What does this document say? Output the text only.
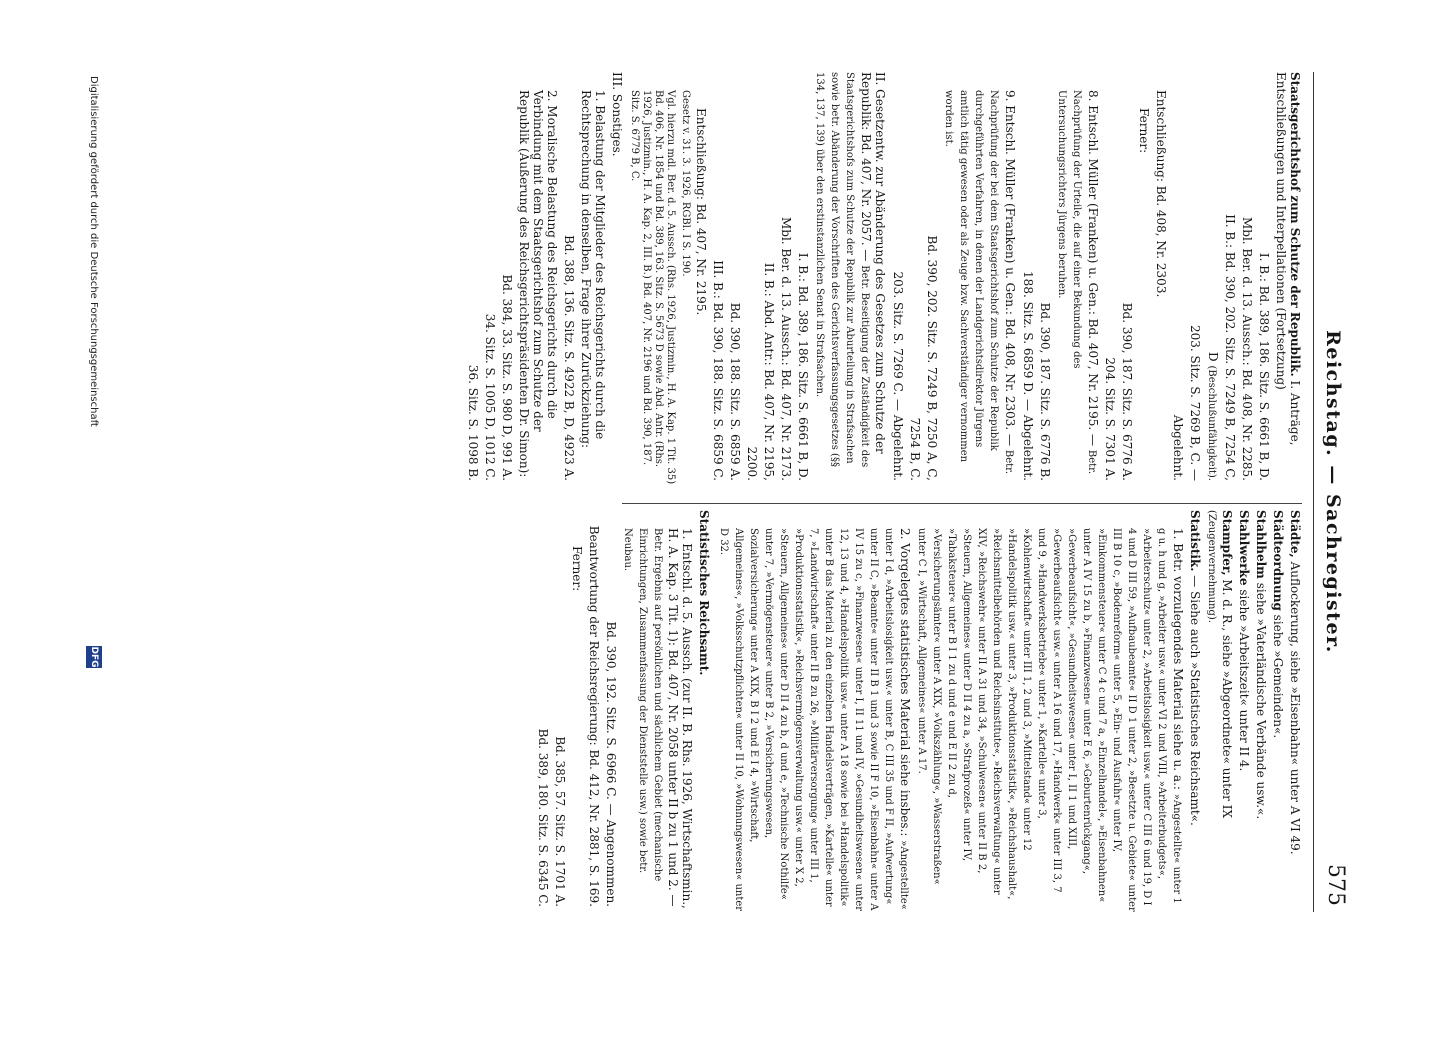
Reichstag. — Sachregister.
575

Staatsgerichtshof zum Schutze der Republik. I. Anträge, Entschließungen und Interpellationen (Fortsetzung)

I. B.: Bd. 389, 186. Sitz. S. 6661 B, D.

Mbl. Ber. d. 13. Aussch.: Bd. 408, Nr. 2285.

II. B.: Bd. 390, 202. Sitz. S. 7249 B, 7254 C,

D (Beschlußunfähigkeit).

203. Sitz. S. 7269 B, C. —

Abgelehnt.

Entschließung: Bd. 408, Nr. 2303.

Ferner:

Bd. 390, 187. Sitz. S. 6776 A.

204. Sitz. S. 7301 A.

8. Entschl. Müller (Franken) u. Gen.: Bd. 407, Nr. 2195. — Betr. Nachprüfung der Urteile, die auf einer Bekundung des Untersuchungsrichters Jürgens beruhen.

Bd. 390, 187. Sitz. S. 6776 B.

188. Sitz. S. 6859 D. — Abgelehnt.

9. Entschl. Müller (Franken) u. Gen.: Bd. 408, Nr. 2303. — Betr. Nachprüfung der bei dem Staatsgerichtshof zum Schutze der Republik durchgeführten Verfahren, in denen der Landgerichtsdirektor Jürgens amtlich tätig gewesen oder als Zeuge bzw. Sachverständiger vernommen worden ist.

Bd. 390, 202. Sitz. S. 7249 B, 7250 A, C,

7254 B, C.

203. Sitz. S. 7269 C. — Abgelehnt.

II. Gesetzentw. zur Abänderung des Gesetzes zum Schutze der Republik: Bd. 407, Nr. 2057. — Betr. Beseitigung der Zuständigkeit des Staatsgerichtshofs zum Schutze der Republik zur Aburteilung in Strafsachen sowie betr. Abänderung der Vorschriften des Gerichtsverfassungsgesetzes (§§ 134, 137, 139) über den erstinstanzlichen Senat in Strafsachen.

I. B.: Bd. 389, 186. Sitz. S. 6661 B, D.

Mbl. Ber. d. 13. Aussch.: Bd. 407, Nr. 2173.

II. B.: Abd. Antr.: Bd. 407, Nr. 2195,

2200.

Bd. 390, 188. Sitz. S. 6859 A.

III. B.: Bd. 390, 188. Sitz. S. 6859 C.

Entschließung: Bd. 407, Nr. 2195.

Gesetz v. 31. 3. 1926, RGBl. I S. 190.

Vgl. hierzu mdl. Ber. d. 5. Aussch. (Rhs. 1926, Justizmin., H. A. Kap. 1 Tit. 35) Bd. 406, Nr. 1854 und Bd. 389, 163. Sitz. S. 5673 D sowie Abd. Antr. (Rhs. 1926, Justizmin., H. A. Kap. 2, III. B.) Bd. 407, Nr. 2196 und Bd. 390, 187. Sitz. S. 6779 B, C.

III. Sonstiges.

1. Belastung der Mitglieder des Reichsgerichts durch die Rechtsprechung in denselben, Frage ihrer Zurückziehung:

Bd. 388, 136. Sitz. S. 4922 B, D, 4923 A.

2. Moralische Belastung des Reichsgerichts durch die Verbindung mit dem Staatsgerichtshof zum Schutze der Republik (Äußerung des Reichsgerichtspräsidenten Dr. Simon):

Bd. 384, 33. Sitz. S. 980 D, 991 A.

34. Sitz. S. 1005 D, 1012 C.

36. Sitz. S. 1098 B.

Städte, Auflockerung, siehe »Eisenbahn« unter A VI 49.

Städteordnung siehe »Gemeinden«.

Stahlhelm siehe »Vaterländische Verbände usw.«.

Stahlwerke siehe »Arbeitszeit« unter II 4.

Stampfer, M. d. R., siehe »Abgeordnete« unter IX (Zeugenvernehmung).

Statistik. — Siehe auch »Statistisches Reichsamt«.

1. Betr. vorzulegendes Material siehe u. a.: »Angestellte« unter 1 g u. h und g, »Arbeiter usw.« unter VI 2 und VIII, »Arbeiterbudgets«, »Arbeiterschutz« unter 2, »Arbeitslosigkeit usw.« unter C III 6 und 19, D I 4 und D III 59, »Aufbaubeamte« II D 1 unter 2, »Besetzte u. Gebiete« unter III B 10 c, »Bodenreform« unter 5, »Ein- und Ausfuhr« unter IV, »Einkommensteuer« unter C 4 c und 7 a, »Einzelhandel«, »Eisenbahnen« unter A IV 15 zu b, »Finanzwesen« unter E 6, »Geburtenrückgang«, »Gewerbeaufsicht«, »Gesundheitswesen« unter I, II 1 und XIII, »Gewerbeaufsicht« usw.« unter A 16 und 17, »Handwerk« unter III 3, 7 und 9, »Handwerksbetriebe« unter 1, »Kartelle« unter 3, »Kohlenwirtschaft« unter III 1, 2 und 3, »Mittelstand« unter 12 »Handelspolitik usw.« unter 3, »Produktionsstatistik«, »Reichshaushalt«, »Reichsmittelbehörden und Reichsinstitute«, »Reichsverwaltung« unter XIV, »Reichswehr« unter II A 31 und 34, »Schulwesen« unter II B 2, »Steuern, Allgemeines« unter D II 4 zu a, »Strafprozeß« unter IV, »Tabaksteuer« unter B I 1 zu d und e und E II 2 zu d, »Versicherungsämter« unter A XIX, »Volkszählung«, »Wasserstraßen« unter C I, »Wirtschaft, Allgemeines« unter A 17.

2. Vorgelegtes statistisches Material siehe insbes.: »Angestellte« unter I d, »Arbeitslosigkeit usw.« unter B, C III 35 und F II, »Aufwertung« unter II C, »Beamte« unter II B 1 und 3 sowie II F 10, »Eisenbahn« unter A IV 15 zu c, »Finanzwesen« unter I, II 11 und IV, »Gesundheitswesen« unter 12, 13 und 4, »Handelspolitik usw.« unter A 18 sowie bei »Handelspolitik« unter B das Material zu den einzelnen Handelsverträgen, »Kartelle« unter 7, »Landwirtschaft« unter II B zu 26, »Militärversorgung« unter III 1, »Produktionsstatistik«, »Reichsvermögensverwaltung usw.« unter X 2, »Steuern, Allgemeines« unter D II 4 zu b, d und e, »Technische Nothilfe« unter 7, »Vermögensteuer« unter B 2, »Versicherungswesen, Sozialversicherung« unter A XIX, B I 2 und E I 4, »Wirtschaft, Allgemeines«, »Volksschutzpflichten« unter II 10, »Wohnungswesen« unter D 32.

Statistisches Reichsamt.

1. Entschl. d. 5. Aussch. (zur II. B. Rhs. 1926, Wirtschaftsmin., H. A. Kap. 3 Tit. 1): Bd. 407, Nr. 2058 unter II b zu 1 und 2. — Betr. Ergebnis auf persönlichen und sächlichem Gebiet (mechanische Einrichtungen, Zusammenfassung der Dienststelle usw.) sowie betr. Neubau.

Bd. 390, 192. Sitz. S. 6966 C. — Angenommen.

Beantwortung der Reichsregierung: Bd. 412, Nr. 2881, S. 169.

Ferner:

Bd. 385, 57. Sitz. S. 1701 A.

Bd. 389, 180. Sitz. S. 6345 C.

Digitalisierung gefördert durch die Deutsche Forschungsgemeinschaft
DFG
